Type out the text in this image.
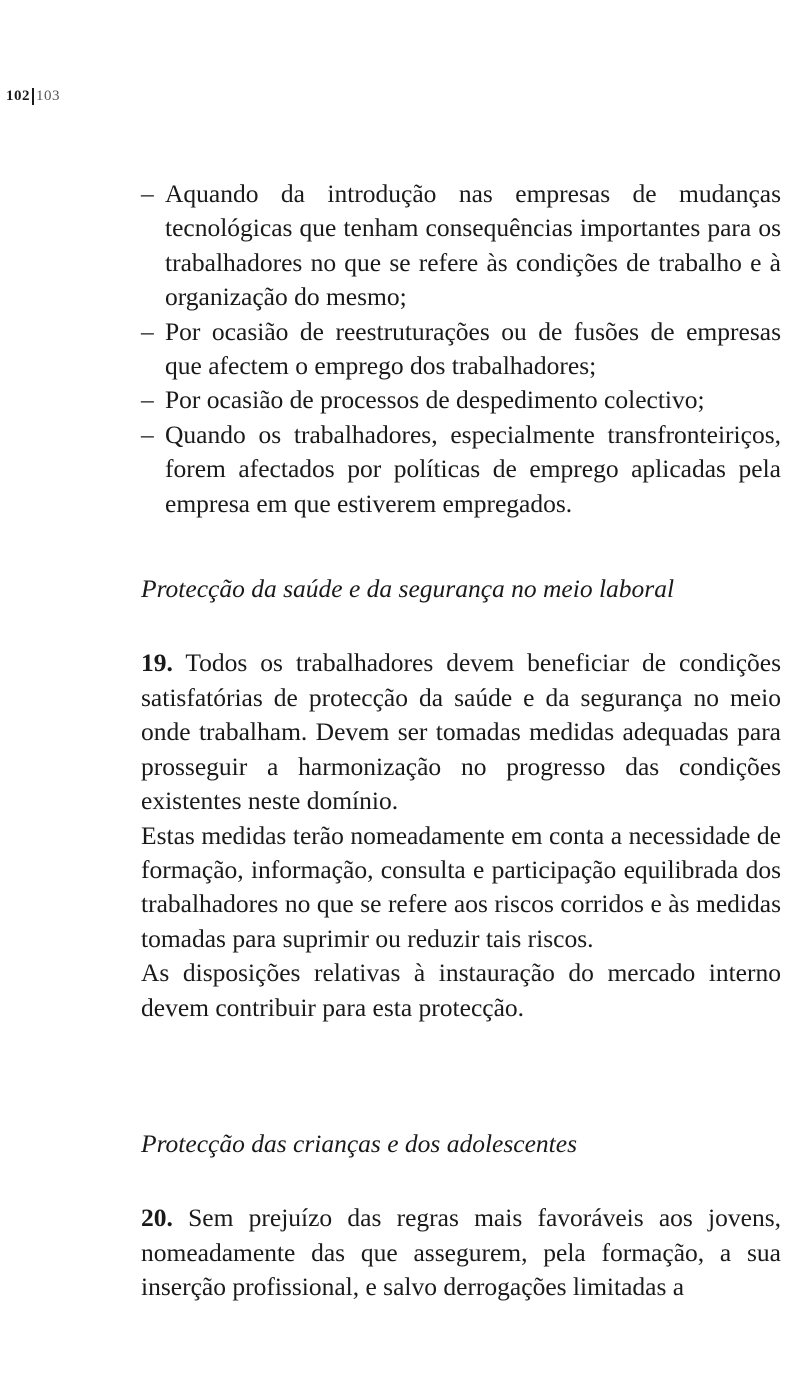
102 103
– Aquando da introdução nas empresas de mudanças tecnológicas que tenham consequências importantes para os trabalhadores no que se refere às condições de trabalho e à organização do mesmo;
– Por ocasião de reestruturações ou de fusões de empresas que afectem o emprego dos trabalhadores;
– Por ocasião de processos de despedimento colectivo;
– Quando os trabalhadores, especialmente transfronteiriços, forem afectados por políticas de emprego aplicadas pela empresa em que estiverem empregados.

Protecção da saúde e da segurança no meio laboral

19. Todos os trabalhadores devem beneficiar de condições satisfatórias de protecção da saúde e da segurança no meio onde trabalham. Devem ser tomadas medidas adequadas para prosseguir a harmonização no progresso das condições existentes neste domínio.

Estas medidas terão nomeadamente em conta a necessidade de formação, informação, consulta e participação equilibrada dos trabalhadores no que se refere aos riscos corridos e às medidas tomadas para suprimir ou reduzir tais riscos.

As disposições relativas à instauração do mercado interno devem contribuir para esta protecção.

Protecção das crianças e dos adolescentes

20. Sem prejuízo das regras mais favoráveis aos jovens, nomeadamente das que assegurem, pela formação, a sua inserção profissional, e salvo derrogações limitadas a
